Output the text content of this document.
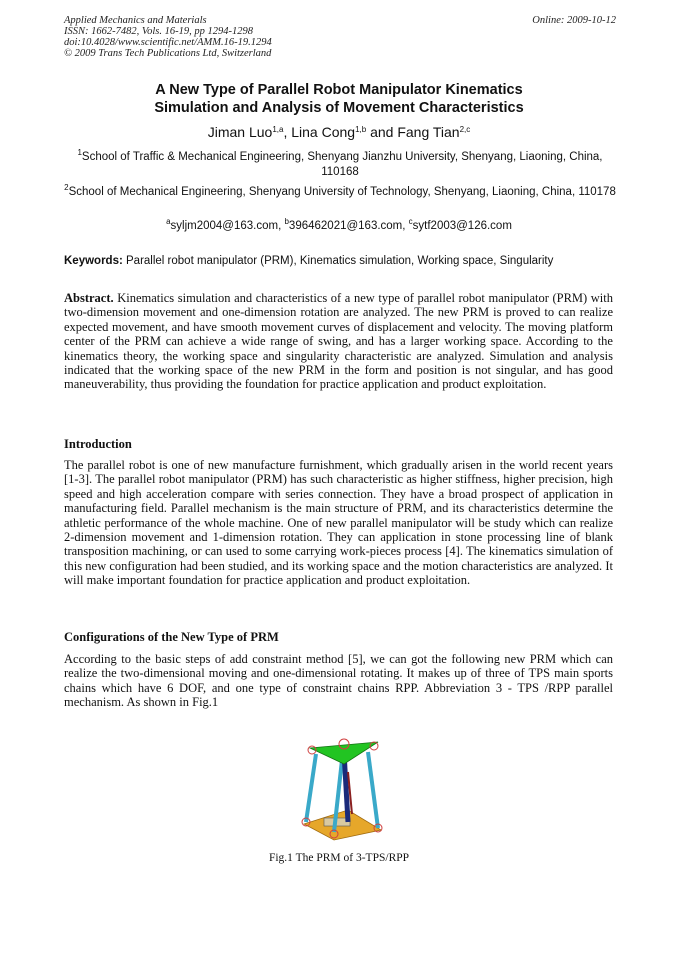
Applied Mechanics and Materials	Online: 2009-10-12
ISSN: 1662-7482, Vols. 16-19, pp 1294-1298
doi:10.4028/www.scientific.net/AMM.16-19.1294
© 2009 Trans Tech Publications Ltd, Switzerland
A New Type of Parallel Robot Manipulator Kinematics
Simulation and Analysis of Movement Characteristics
Jiman Luo$^{1,a}$, Lina Cong$^{1,b}$ and Fang Tian$^{2,c}$
$^1$School of Traffic & Mechanical Engineering, Shenyang Jianzhu University, Shenyang, Liaoning, China, 110168
$^2$School of Mechanical Engineering, Shenyang University of Technology, Shenyang, Liaoning, China, 110178
$^a$syljm2004@163.com, $^b$396462021@163.com, $^c$sytf2003@126.com
Keywords: Parallel robot manipulator (PRM), Kinematics simulation, Working space, Singularity
Abstract. Kinematics simulation and characteristics of a new type of parallel robot manipulator (PRM) with two-dimension movement and one-dimension rotation are analyzed. The new PRM is proved to can realize expected movement, and have smooth movement curves of displacement and velocity. The moving platform center of the PRM can achieve a wide range of swing, and has a larger working space. According to the kinematics theory, the working space and singularity characteristic are analyzed. Simulation and analysis indicated that the working space of the new PRM in the form and position is not singular, and has good maneuverability, thus providing the foundation for practice application and product exploitation.
Introduction
The parallel robot is one of new manufacture furnishment, which gradually arisen in the world recent years [1-3]. The parallel robot manipulator (PRM) has such characteristic as higher stiffness, higher precision, high speed and high acceleration compare with series connection. They have a broad prospect of application in manufacturing field. Parallel mechanism is the main structure of PRM, and its characteristics determine the athletic performance of the whole machine. One of new parallel manipulator will be study which can realize 2-dimension movement and 1-dimension rotation. They can application in stone processing line of blank transposition machining, or can used to some carrying work-pieces process [4]. The kinematics simulation of this new configuration had been studied, and its working space and the motion characteristics are analyzed. It will make important foundation for practice application and product exploitation.
Configurations of the New Type of PRM
According to the basic steps of add constraint method [5], we can got the following new PRM which can realize the two-dimensional moving and one-dimensional rotating. It makes up of three of TPS main sports chains which have 6 DOF, and one type of constraint chains RPP. Abbreviation 3 - TPS /RPP parallel mechanism. As shown in Fig.1
Fig.1 The PRM of 3-TPS/RPP
